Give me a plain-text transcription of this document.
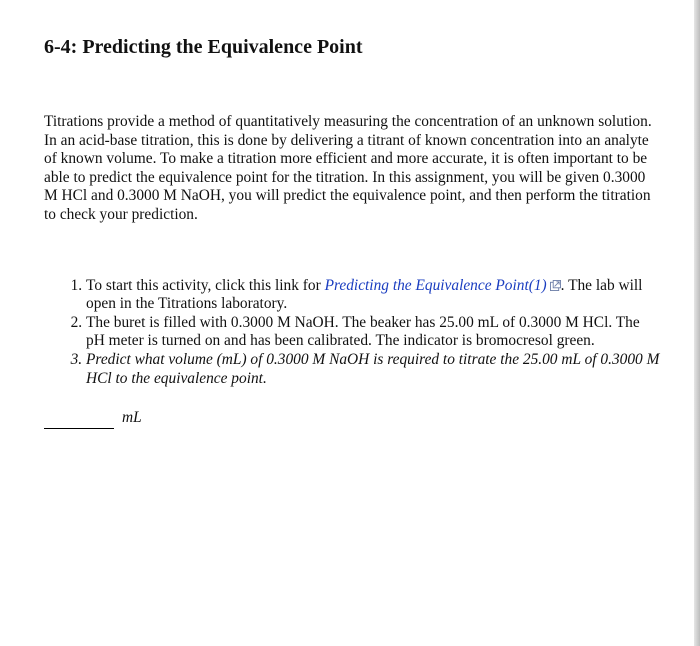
6-4: Predicting the Equivalence Point

Titrations provide a method of quantitatively measuring the concentration of an unknown solution. In an acid-base titration, this is done by delivering a titrant of known concentration into an analyte of known volume. To make a titration more efficient and more accurate, it is often important to be able to predict the equivalence point for the titration. In this assignment, you will be given 0.3000 M HCl and 0.3000 M NaOH, you will predict the equivalence point, and then perform the titration to check your prediction.

1. To start this activity, click this link for Predicting the Equivalence Point(1) . The lab will open in the Titrations laboratory.
2. The buret is filled with 0.3000 M NaOH. The beaker has 25.00 mL of 0.3000 M HCl. The pH meter is turned on and has been calibrated. The indicator is bromocresol green.
3. Predict what volume (mL) of 0.3000 M NaOH is required to titrate the 25.00 mL of 0.3000 M HCl to the equivalence point.
mL
